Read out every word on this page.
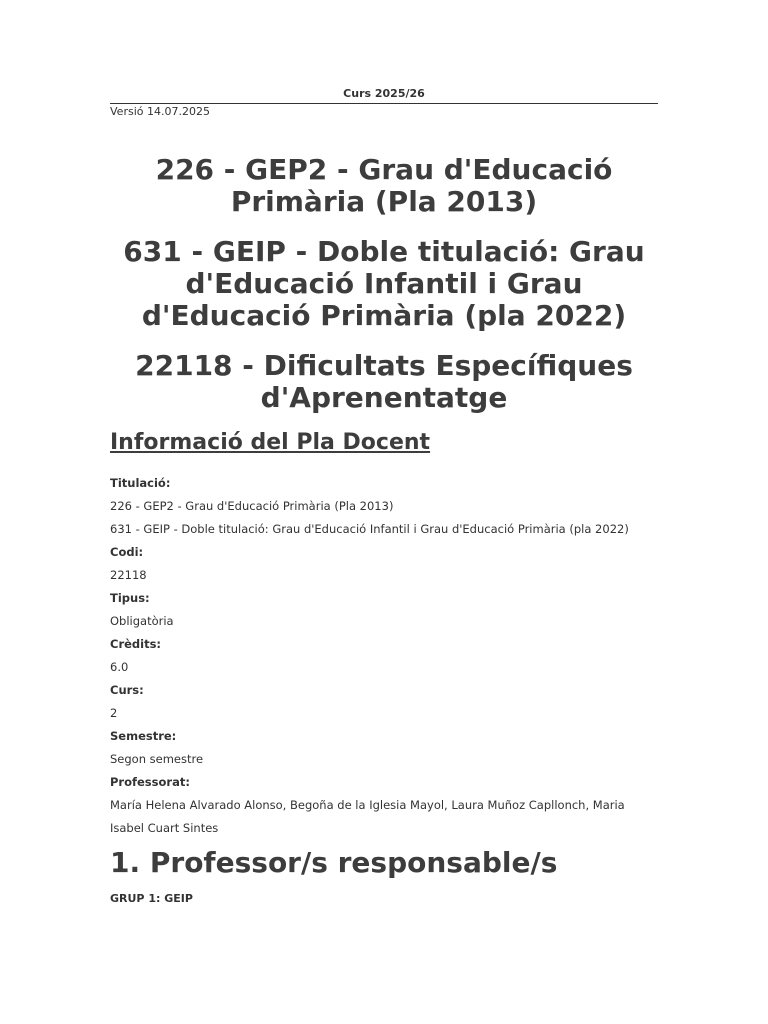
Curs 2025/26
Versió 14.07.2025
226 - GEP2 - Grau d'Educació Primària (Pla 2013)
631 - GEIP - Doble titulació: Grau d'Educació Infantil i Grau d'Educació Primària (pla 2022)
22118 - Dificultats Específiques d'Aprenentatge
Informació del Pla Docent
Titulació:
226 - GEP2 - Grau d'Educació Primària (Pla 2013)
631 - GEIP - Doble titulació: Grau d'Educació Infantil i Grau d'Educació Primària (pla 2022)
Codi:
22118
Tipus:
Obligatòria
Crèdits:
6.0
Curs:
2
Semestre:
Segon semestre
Professorat:
María Helena Alvarado Alonso, Begoña de la Iglesia Mayol, Laura Muñoz Capllonch, Maria Isabel Cuart Sintes
1. Professor/s responsable/s
GRUP 1: GEIP
